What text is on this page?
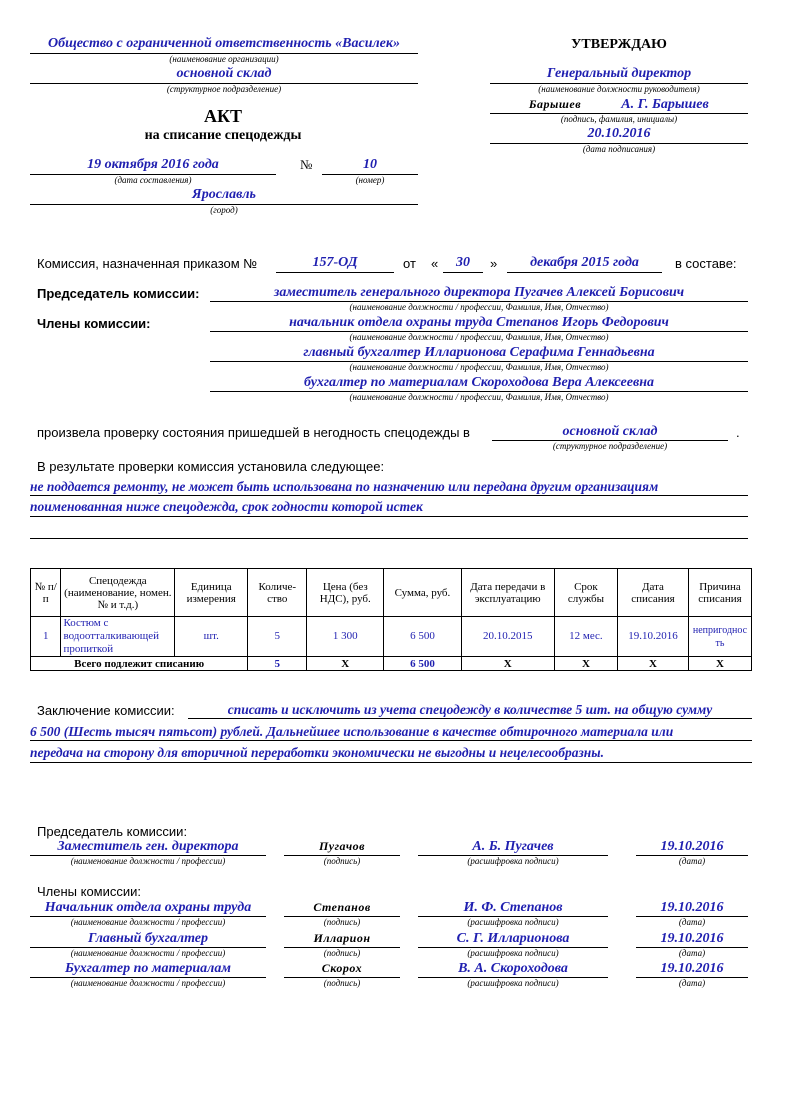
Общество с ограниченной ответственность «Василек»
(наименование организации)
основной склад
(структурное подразделение)
УТВЕРЖДАЮ
Генеральный директор
(наименование должности руководителя)
Барышев	А. Г. Барышев
(подпись, фамилия, инициалы)
20.10.2016
(дата подписания)
АКТ
на списание спецодежды
19 октября 2016 года
(дата составления)
№	10
(номер)
Ярославль
(город)
Комиссия, назначенная приказом №	157-ОД	от «	30	»	декабря 2015 года	в составе:
Председатель комиссии:	заместитель генерального директора Пугачев Алексей Борисович
(наименование должности / профессии, Фамилия, Имя, Отчество)
Члены комиссии:	начальник отдела охраны труда Степанов Игорь Федорович
(наименование должности / профессии, Фамилия, Имя, Отчество)
главный бухгалтер Илларионова Серафима Геннадьевна
(наименование должности / профессии, Фамилия, Имя, Отчество)
бухгалтер по материалам Скороходова Вера Алексеевна
(наименование должности / профессии, Фамилия, Имя, Отчество)
произвела проверку состояния пришедшей в негодность спецодежды в	основной склад
(структурное подразделение)
.
В результате проверки комиссия установила следующее:
не поддается ремонту, не может быть использована по назначению или передана другим организациям
поименованная ниже спецодежда, срок годности которой истек
№ п/п	Спецодежда (наименование, номен. № и т.д.)	Единица измерения	Количе-ство	Цена (без НДС), руб.	Сумма, руб.	Дата передачи в эксплуатацию	Срок службы	Дата списания	Причина списания
1	Костюм с водоотталкивающей пропиткой	шт.	5	1 300	6 500	20.10.2015	12 мес.	19.10.2016	непригодность
Всего подлежит списанию			5	Х	6 500	Х	Х	Х	Х
Заключение комиссии:	списать и исключить из учета спецодежду в количестве 5 шт. на общую сумму
6 500 (Шесть тысяч пятьсот) рублей. Дальнейшее использование в качестве обтирочного материала или
передача на сторону для вторичной переработки экономически не выгодны и нецелесообразны.
Председатель комиссии:
Заместитель ген. директора
(наименование должности / профессии)
Пугачов
(подпись)
А. Б. Пугачев
(расшифровка подписи)
19.10.2016
(дата)
Члены комиссии:
Начальник отдела охраны труда
(наименование должности / профессии)
Степанов
(подпись)
И. Ф. Степанов
(расшифровка подписи)
19.10.2016
(дата)
Главный бухгалтер
(наименование должности / профессии)
Илларион
(подпись)
С. Г. Илларионова
(расшифровка подписи)
19.10.2016
(дата)
Бухгалтер по материалам
(наименование должности / профессии)
Скорох
(подпись)
В. А. Скороходова
(расшифровка подписи)
19.10.2016
(дата)
